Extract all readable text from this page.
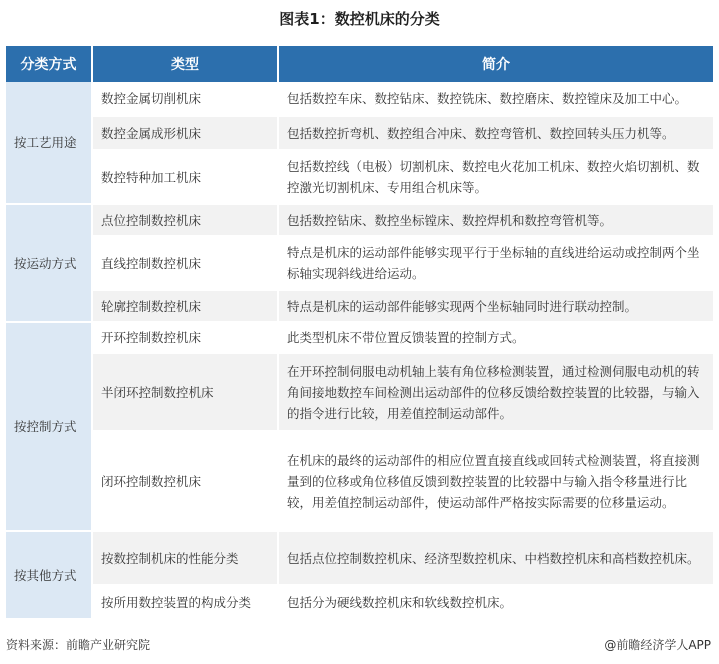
图表1：数控机床的分类
分类方式	类型	简介
按工艺用途	数控金属切削机床	包括数控车床、数控钻床、数控铣床、数控磨床、数控镗床及加工中心。
	数控金属成形机床	包括数控折弯机、数控组合冲床、数控弯管机、数控回转头压力机等。
	数控特种加工机床	包括数控线（电极）切割机床、数控电火花加工机床、数控火焰切割机、数控激光切割机床、专用组合机床等。
按运动方式	点位控制数控机床	包括数控钻床、数控坐标镗床、数控焊机和数控弯管机等。
	直线控制数控机床	特点是机床的运动部件能够实现平行于坐标轴的直线进给运动或控制两个坐标轴实现斜线进给运动。
	轮廓控制数控机床	特点是机床的运动部件能够实现两个坐标轴同时进行联动控制。
按控制方式	开环控制数控机床	此类型机床不带位置反馈装置的控制方式。
	半闭环控制数控机床	在开环控制伺服电动机轴上装有角位移检测装置，通过检测伺服电动机的转角间接地数控车间检测出运动部件的位移反馈给数控装置的比较器，与输入的指令进行比较，用差值控制运动部件。
	闭环控制数控机床	在机床的最终的运动部件的相应位置直接直线或回转式检测装置，将直接测量到的位移或角位移值反馈到数控装置的比较器中与输入指令移量进行比较，用差值控制运动部件，使运动部件严格按实际需要的位移量运动。
按其他方式	按数控制机床的性能分类	包括点位控制数控机床、经济型数控机床、中档数控机床和高档数控机床。
	按所用数控装置的构成分类	包括分为硬线数控机床和软线数控机床。
资料来源：前瞻产业研究院	@前瞻经济学人APP
